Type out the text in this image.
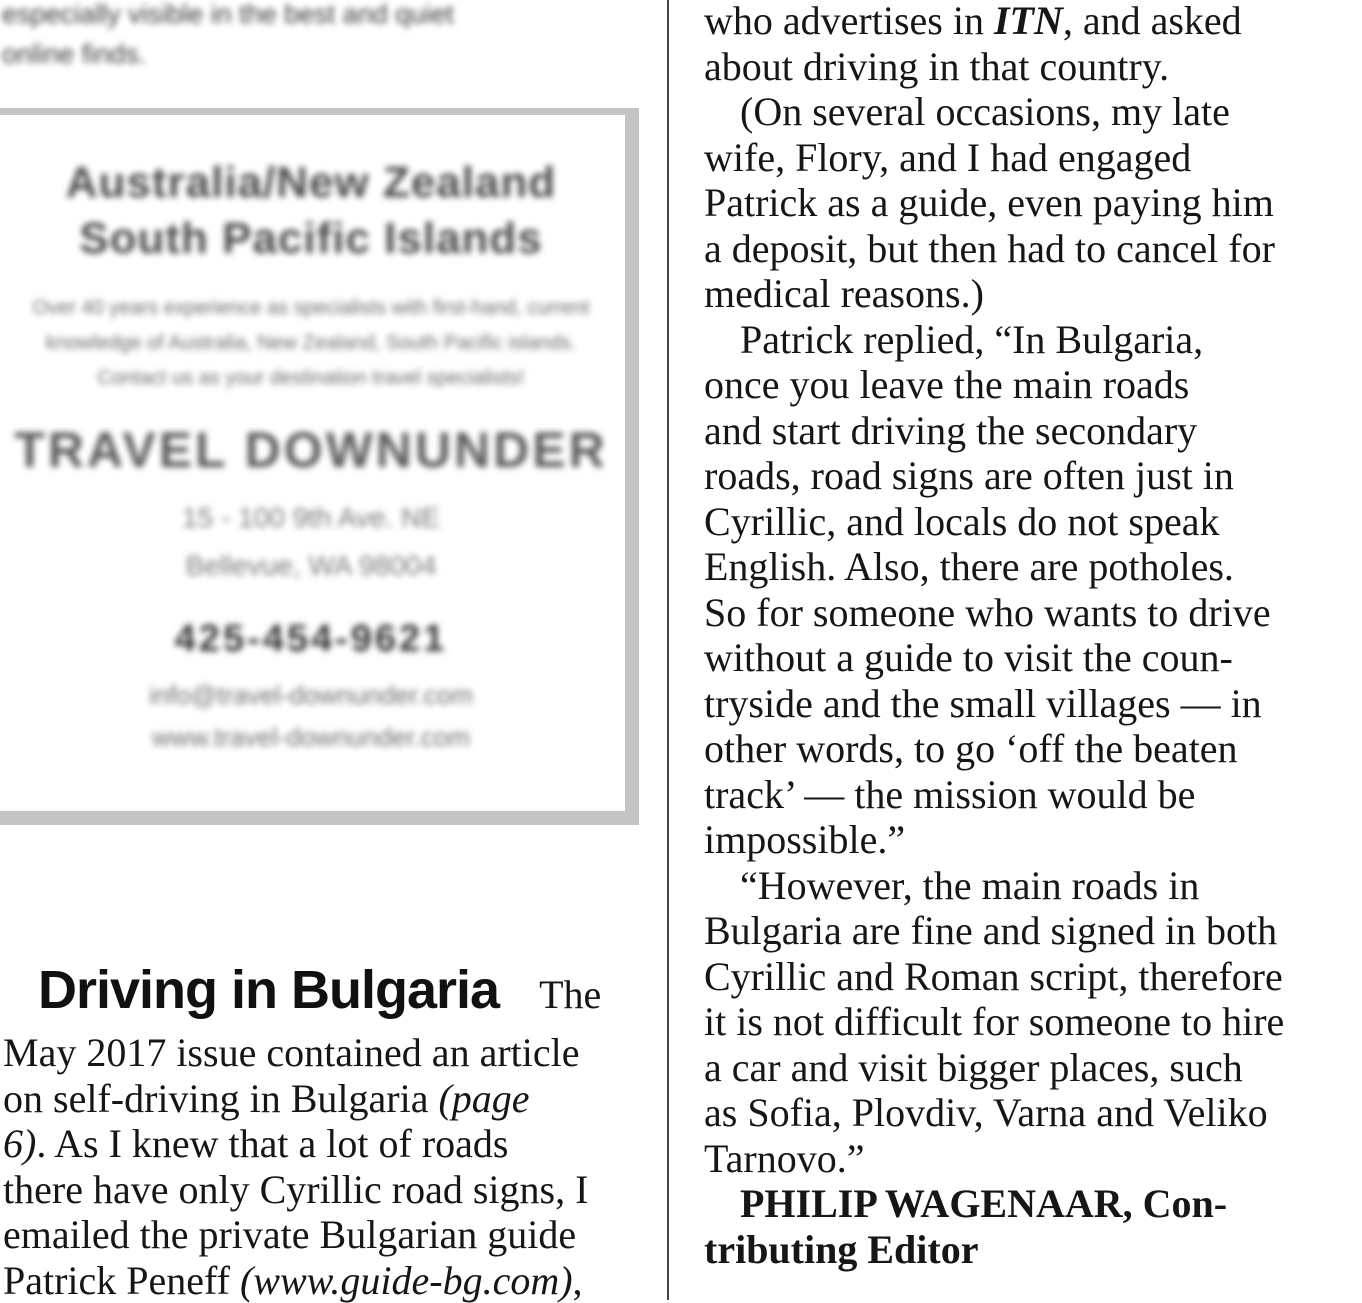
especially visible in the best and quiet
online finds.
Australia/New Zealand
South Pacific Islands
Over 40 years experience as specialists with first-hand, current knowledge of Australia, New Zealand, South Pacific islands. Contact us as your destination travel specialists!
TRAVEL DOWNUNDER
15 - 100 9th Ave. NE
Bellevue, WA 98004
425-454-9621
info@travel-downunder.com
www.travel-downunder.com
Driving in Bulgaria The
May 2017 issue contained an article
on self-driving in Bulgaria (page
6). As I knew that a lot of roads
there have only Cyrillic road signs, I
emailed the private Bulgarian guide
Patrick Peneff (www.guide-bg.com),
who advertises in ITN, and asked
about driving in that country.
(On several occasions, my late
wife, Flory, and I had engaged
Patrick as a guide, even paying him
a deposit, but then had to cancel for
medical reasons.)
Patrick replied, “In Bulgaria,
once you leave the main roads
and start driving the secondary
roads, road signs are often just in
Cyrillic, and locals do not speak
English. Also, there are potholes.
So for someone who wants to drive
without a guide to visit the coun-
tryside and the small villages — in
other words, to go ‘off the beaten
track’ — the mission would be
impossible.”
“However, the main roads in
Bulgaria are fine and signed in both
Cyrillic and Roman script, therefore
it is not difficult for someone to hire
a car and visit bigger places, such
as Sofia, Plovdiv, Varna and Veliko
Tarnovo.”
PHILIP WAGENAAR, Con-
tributing Editor
